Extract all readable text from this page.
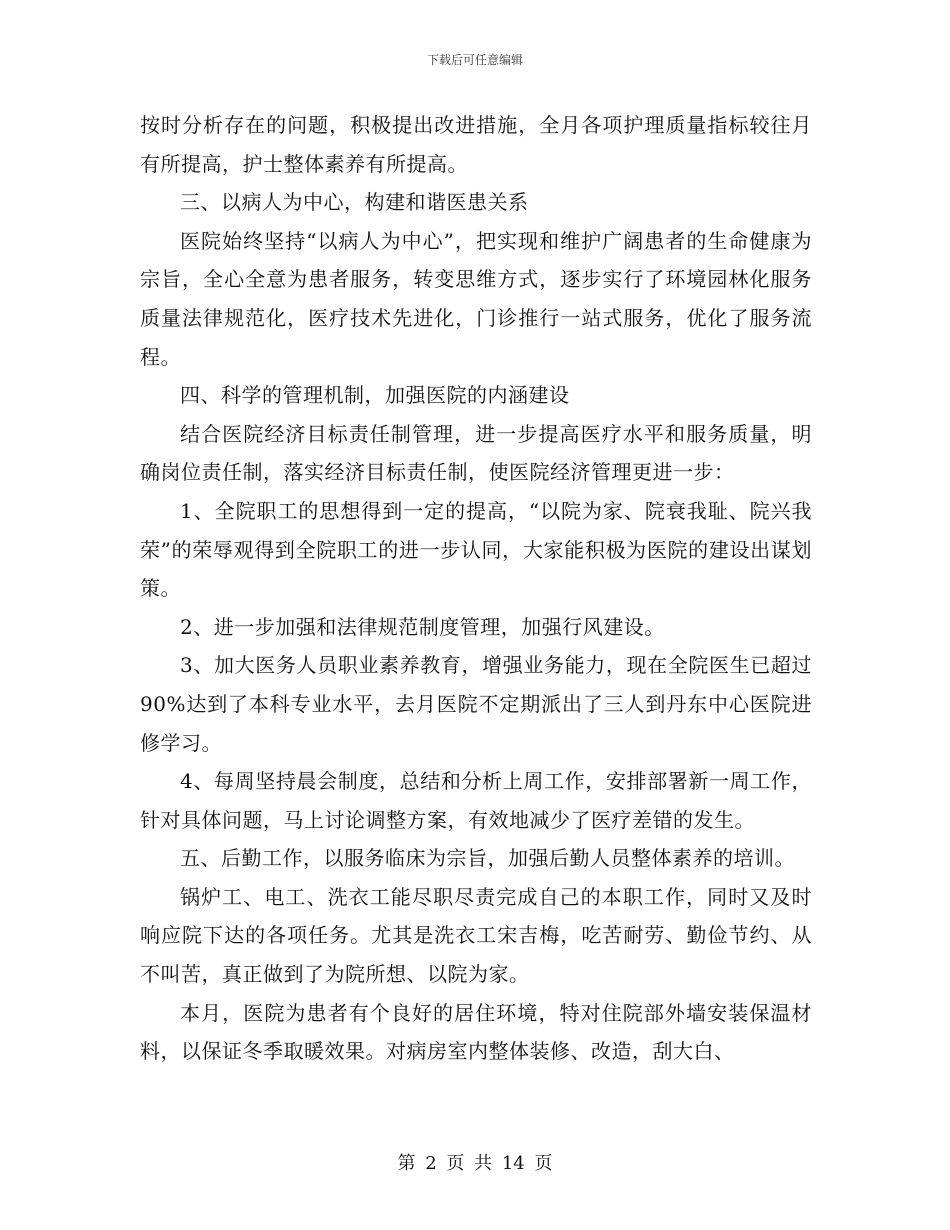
下载后可任意编辑

按时分析存在的问题，积极提出改进措施，全月各项护理质量指标较往月有所提高，护士整体素养有所提高。

三、以病人为中心，构建和谐医患关系

医院始终坚持“以病人为中心”，把实现和维护广阔患者的生命健康为宗旨，全心全意为患者服务，转变思维方式，逐步实行了环境园林化服务质量法律规范化，医疗技术先进化，门诊推行一站式服务，优化了服务流程。

四、科学的管理机制，加强医院的内涵建设

结合医院经济目标责任制管理，进一步提高医疗水平和服务质量，明确岗位责任制，落实经济目标责任制，使医院经济管理更进一步：

1、全院职工的思想得到一定的提高，“以院为家、院衰我耻、院兴我荣”的荣辱观得到全院职工的进一步认同，大家能积极为医院的建设出谋划策。

2、进一步加强和法律规范制度管理，加强行风建设。

3、加大医务人员职业素养教育，增强业务能力，现在全院医生已超过90%达到了本科专业水平，去月医院不定期派出了三人到丹东中心医院进修学习。

4、每周坚持晨会制度，总结和分析上周工作，安排部署新一周工作，针对具体问题，马上讨论调整方案，有效地减少了医疗差错的发生。

五、后勤工作，以服务临床为宗旨，加强后勤人员整体素养的培训。

锅炉工、电工、洗衣工能尽职尽责完成自己的本职工作，同时又及时响应院下达的各项任务。尤其是洗衣工宋吉梅，吃苦耐劳、勤俭节约、从不叫苦，真正做到了为院所想、以院为家。

本月，医院为患者有个良好的居住环境，特对住院部外墙安装保温材料，以保证冬季取暖效果。对病房室内整体装修、改造，刮大白、

第 2 页 共 14 页
